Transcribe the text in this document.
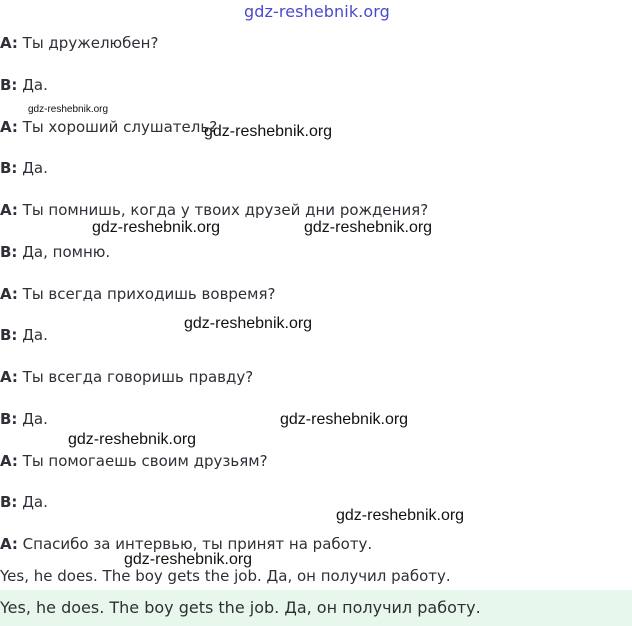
gdz-reshebnik.org
A: Ты дружелюбен?
B: Да.
A: Ты хороший слушатель?
B: Да.
A: Ты помнишь, когда у твоих друзей дни рождения?
B: Да, помню.
A: Ты всегда приходишь вовремя?
B: Да.
A: Ты всегда говоришь правду?
B: Да.
A: Ты помогаешь своим друзьям?
B: Да.
A: Спасибо за интервью, ты принят на работу.
gdz-reshebnik.org
gdz-reshebnik.org
gdz-reshebnik.org	gdz-reshebnik.org
gdz-reshebnik.org
gdz-reshebnik.org
gdz-reshebnik.org
gdz-reshebnik.org
gdz-reshebnik.org
Yes, he does. The boy gets the job. Да, он получил работу.
Yes, he does. The boy gets the job. Да, он получил работу.
